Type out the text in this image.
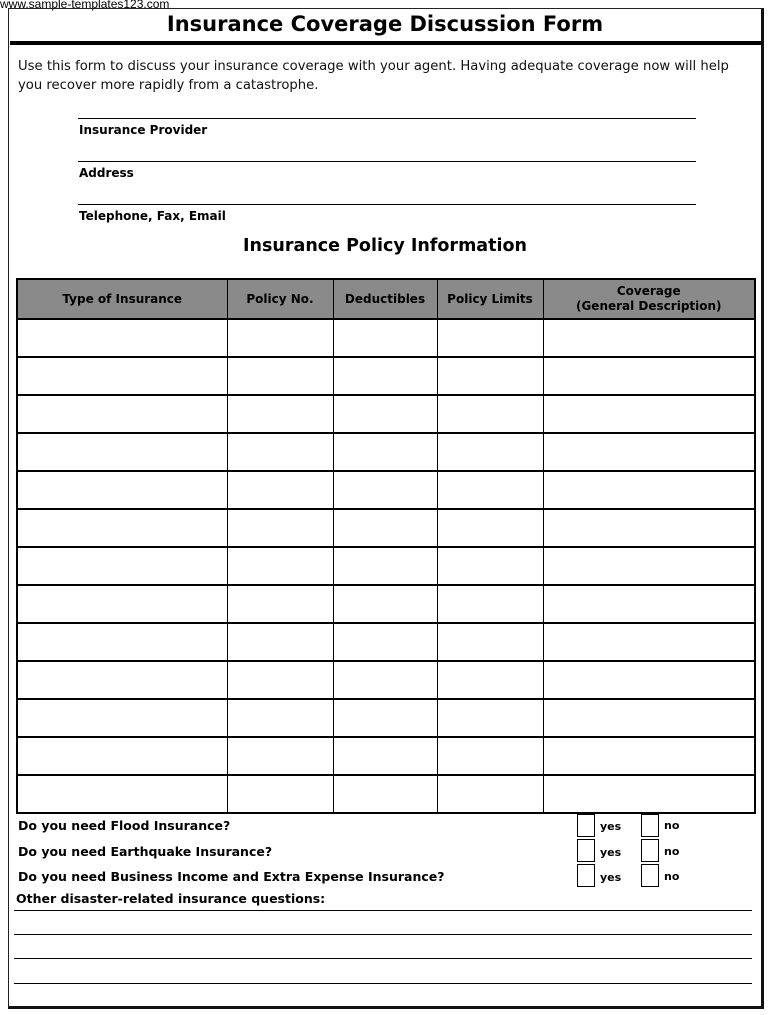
www.sample-templates123.com
Insurance Coverage Discussion Form
Use this form to discuss your insurance coverage with your agent. Having adequate coverage now will help you recover more rapidly from a catastrophe.
Insurance Provider
Address
Telephone, Fax, Email
Insurance Policy Information
Type of Insurance	Policy No.	Deductibles	Policy Limits	Coverage
(General Description)

Do you need Flood Insurance?	yes	no
Do you need Earthquake Insurance?	yes	no
Do you need Business Income and Extra Expense Insurance?	yes	no
Other disaster-related insurance questions:
